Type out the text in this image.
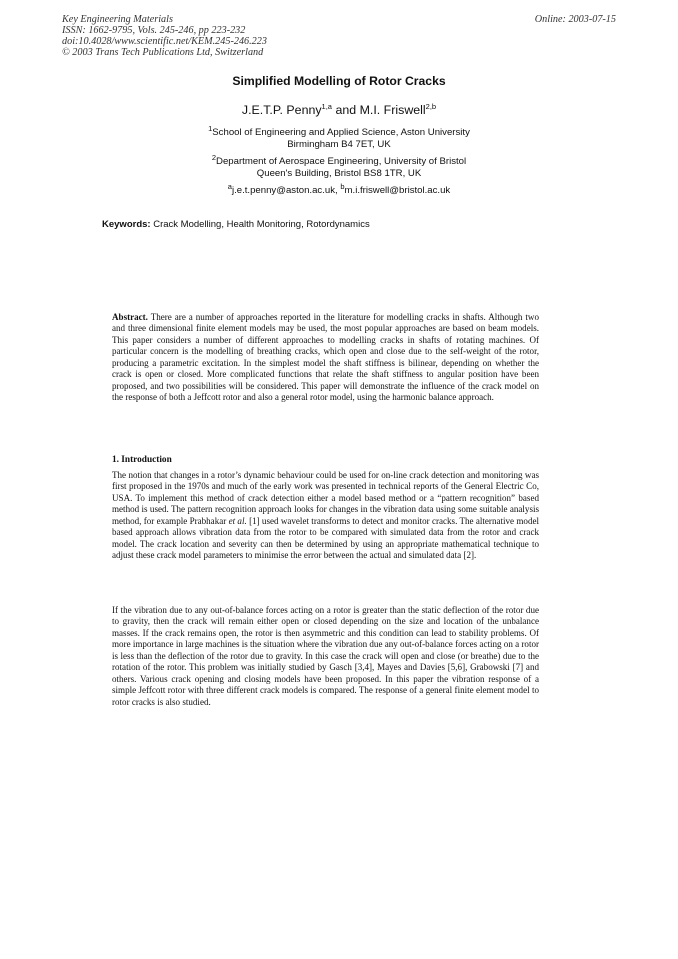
Key Engineering Materials
ISSN: 1662-9795, Vols. 245-246, pp 223-232
doi:10.4028/www.scientific.net/KEM.245-246.223
© 2003 Trans Tech Publications Ltd, Switzerland
Online: 2003-07-15
Simplified Modelling of Rotor Cracks
J.E.T.P. Penny$^{1,a}$ and M.I. Friswell$^{2,b}$
$^1$School of Engineering and Applied Science, Aston University
Birmingham B4 7ET, UK
$^2$Department of Aerospace Engineering, University of Bristol
Queen's Building, Bristol BS8 1TR, UK
$^a$j.e.t.penny@aston.ac.uk, $^b$m.i.friswell@bristol.ac.uk
Keywords: Crack Modelling, Health Monitoring, Rotordynamics
Abstract. There are a number of approaches reported in the literature for modelling cracks in shafts. Although two and three dimensional finite element models may be used, the most popular approaches are based on beam models. This paper considers a number of different approaches to modelling cracks in shafts of rotating machines. Of particular concern is the modelling of breathing cracks, which open and close due to the self-weight of the rotor, producing a parametric excitation. In the simplest model the shaft stiffness is bilinear, depending on whether the crack is open or closed. More complicated functions that relate the shaft stiffness to angular position have been proposed, and two possibilities will be considered. This paper will demonstrate the influence of the crack model on the response of both a Jeffcott rotor and also a general rotor model, using the harmonic balance approach.
1. Introduction
The notion that changes in a rotor’s dynamic behaviour could be used for on-line crack detection and monitoring was first proposed in the 1970s and much of the early work was presented in technical reports of the General Electric Co, USA. To implement this method of crack detection either a model based method or a “pattern recognition” based method is used. The pattern recognition approach looks for changes in the vibration data using some suitable analysis method, for example Prabhakar et al. [1] used wavelet transforms to detect and monitor cracks. The alternative model based approach allows vibration data from the rotor to be compared with simulated data from the rotor and crack model. The crack location and severity can then be determined by using an appropriate mathematical technique to adjust these crack model parameters to minimise the error between the actual and simulated data [2].
If the vibration due to any out-of-balance forces acting on a rotor is greater than the static deflection of the rotor due to gravity, then the crack will remain either open or closed depending on the size and location of the unbalance masses. If the crack remains open, the rotor is then asymmetric and this condition can lead to stability problems. Of more importance in large machines is the situation where the vibration due any out-of-balance forces acting on a rotor is less than the deflection of the rotor due to gravity. In this case the crack will open and close (or breathe) due to the rotation of the rotor. This problem was initially studied by Gasch [3,4], Mayes and Davies [5,6], Grabowski [7] and others. Various crack opening and closing models have been proposed. In this paper the vibration response of a simple Jeffcott rotor with three different crack models is compared. The response of a general finite element model to rotor cracks is also studied.
